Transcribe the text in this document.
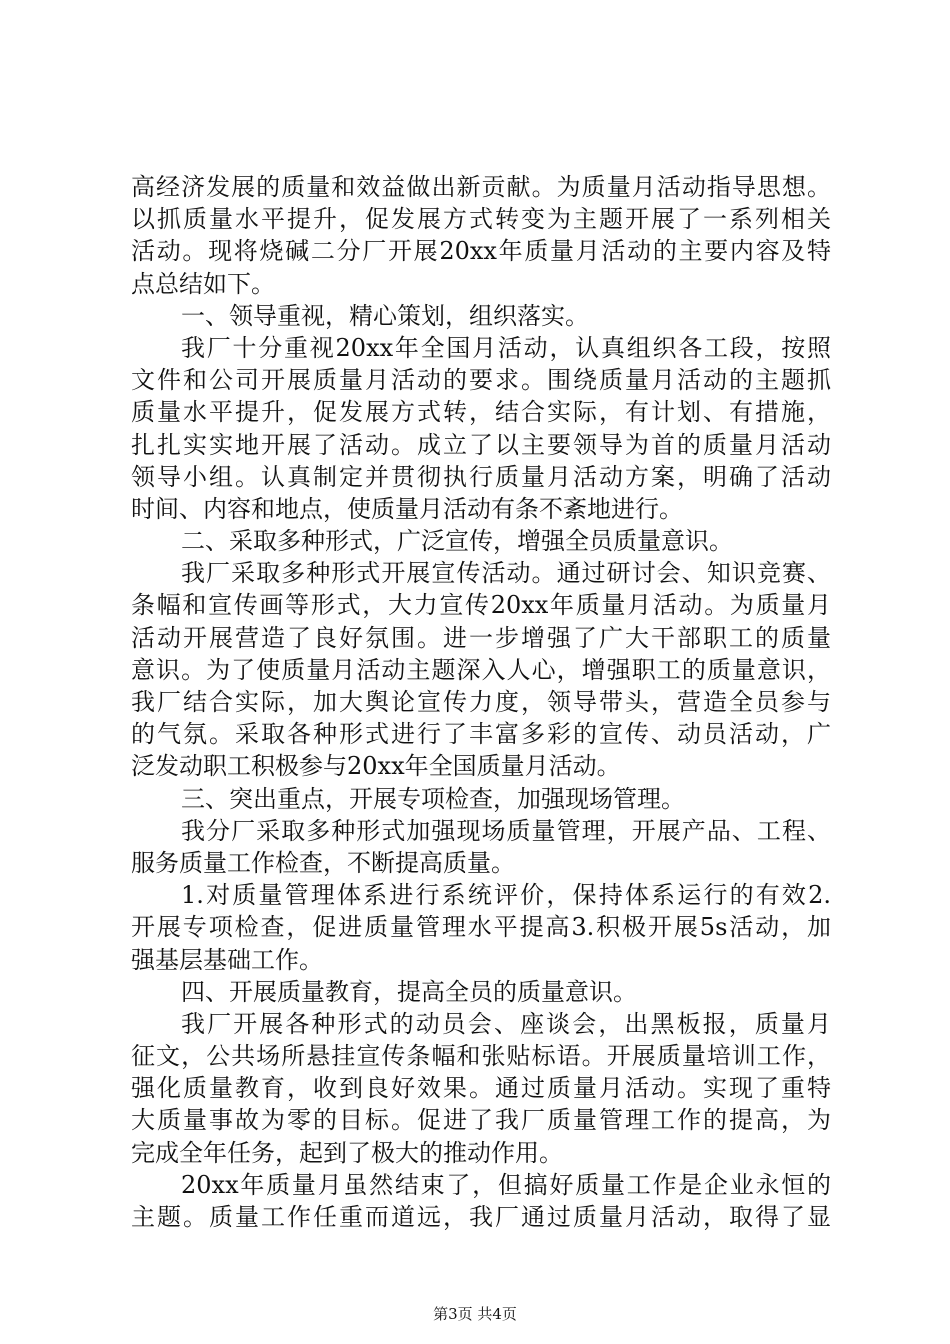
高经济发展的质量和效益做出新贡献。为质量月活动指导思想。
以抓质量水平提升，促发展方式转变为主题开展了一系列相关
活动。现将烧碱二分厂开展20xx年质量月活动的主要内容及特
点总结如下。
一、领导重视，精心策划，组织落实。
我厂十分重视20xx年全国月活动，认真组织各工段，按照
文件和公司开展质量月活动的要求。围绕质量月活动的主题抓
质量水平提升，促发展方式转，结合实际，有计划、有措施，
扎扎实实地开展了活动。成立了以主要领导为首的质量月活动
领导小组。认真制定并贯彻执行质量月活动方案，明确了活动
时间、内容和地点，使质量月活动有条不紊地进行。
二、采取多种形式，广泛宣传，增强全员质量意识。
我厂采取多种形式开展宣传活动。通过研讨会、知识竞赛、
条幅和宣传画等形式，大力宣传20xx年质量月活动。为质量月
活动开展营造了良好氛围。进一步增强了广大干部职工的质量
意识。为了使质量月活动主题深入人心，增强职工的质量意识，
我厂结合实际，加大舆论宣传力度，领导带头，营造全员参与
的气氛。采取各种形式进行了丰富多彩的宣传、动员活动，广
泛发动职工积极参与20xx年全国质量月活动。
三、突出重点，开展专项检查，加强现场管理。
我分厂采取多种形式加强现场质量管理，开展产品、工程、
服务质量工作检查，不断提高质量。
1.对质量管理体系进行系统评价，保持体系运行的有效2.
开展专项检查，促进质量管理水平提高3.积极开展5s活动，加
强基层基础工作。
四、开展质量教育，提高全员的质量意识。
我厂开展各种形式的动员会、座谈会，出黑板报，质量月
征文，公共场所悬挂宣传条幅和张贴标语。开展质量培训工作，
强化质量教育，收到良好效果。通过质量月活动。实现了重特
大质量事故为零的目标。促进了我厂质量管理工作的提高，为
完成全年任务，起到了极大的推动作用。
20xx年质量月虽然结束了，但搞好质量工作是企业永恒的
主题。质量工作任重而道远，我厂通过质量月活动，取得了显
第3页 共4页
